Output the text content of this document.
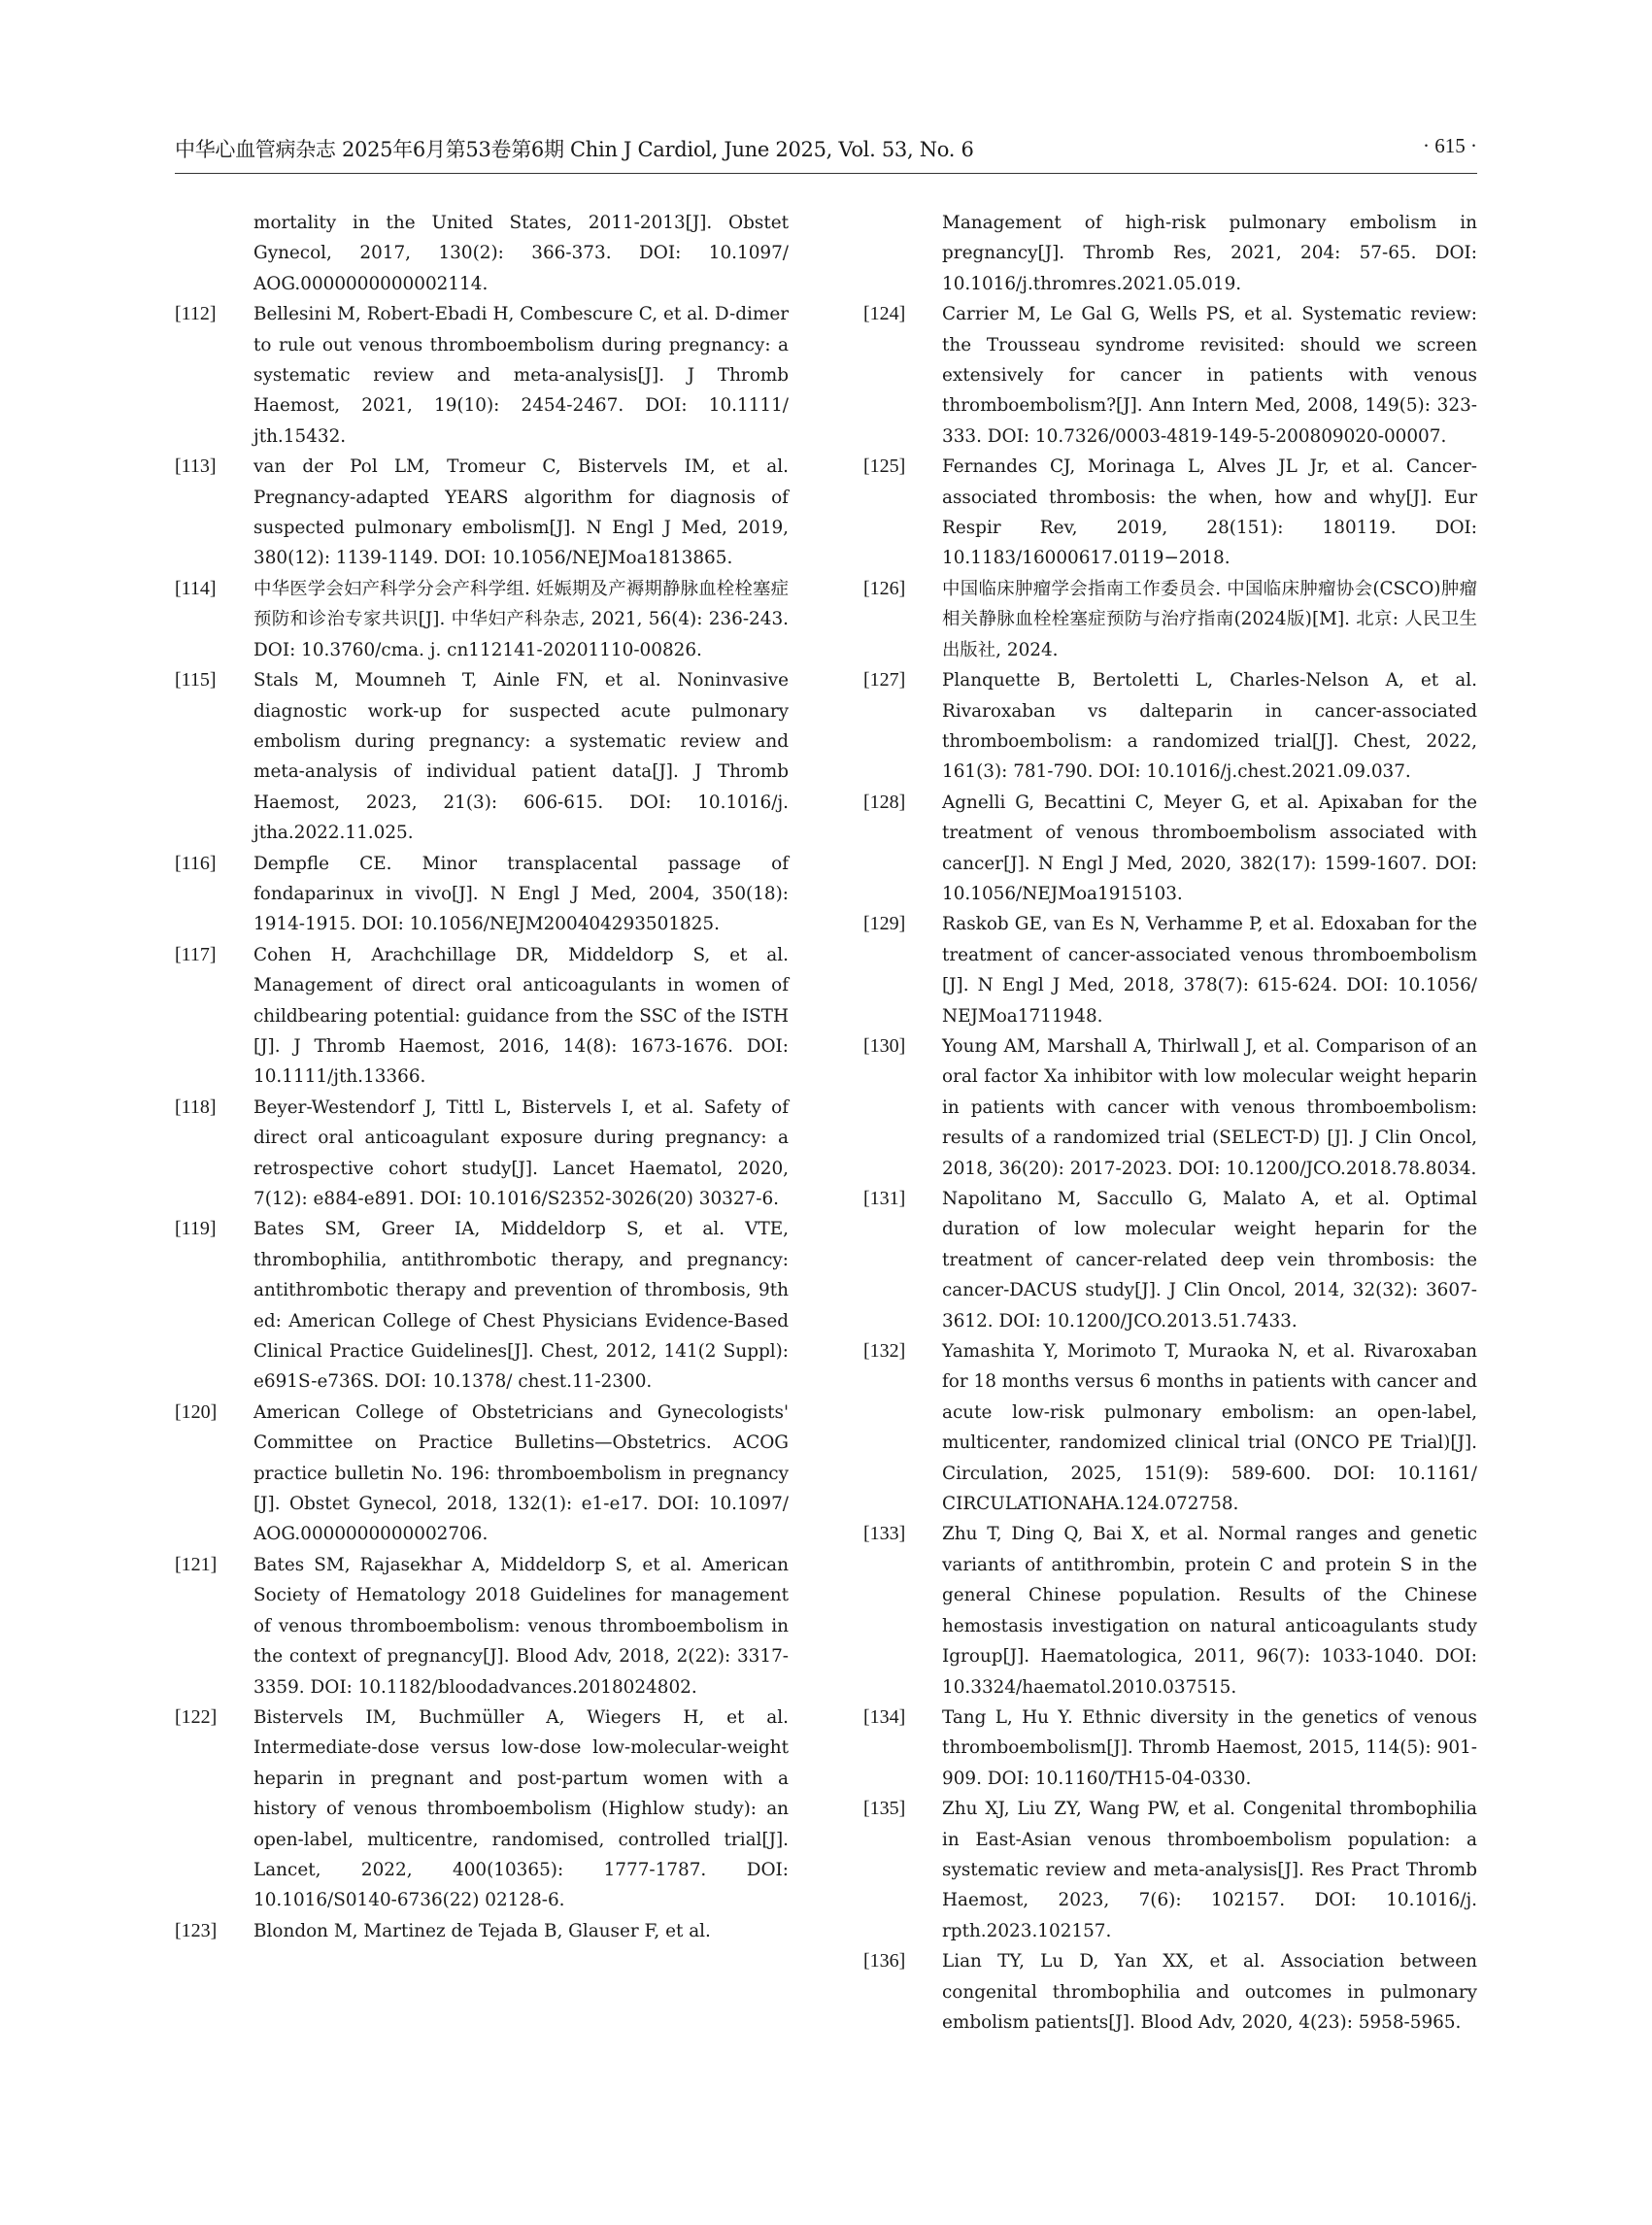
中华心血管病杂志 2025年6月第53卷第6期 Chin J Cardiol, June 2025, Vol. 53, No. 6	· 615 ·
mortality in the United States, 2011-2013[J]. Obstet Gynecol, 2017, 130(2): 366-373. DOI: 10.1097/ AOG.0000000000002114.
[112] Bellesini M, Robert-Ebadi H, Combescure C, et al. D-dimer to rule out venous thromboembolism during pregnancy: a systematic review and meta-analysis[J]. J Thromb Haemost, 2021, 19(10): 2454-2467. DOI: 10.1111/ jth.15432.
[113] van der Pol LM, Tromeur C, Bistervels IM, et al. Pregnancy-adapted YEARS algorithm for diagnosis of suspected pulmonary embolism[J]. N Engl J Med, 2019, 380(12): 1139-1149. DOI: 10.1056/NEJMoa1813865.
[114] 中华医学会妇产科学分会产科学组. 妊娠期及产褥期静脉血栓栓塞症预防和诊治专家共识[J]. 中华妇产科杂志, 2021, 56(4): 236-243. DOI: 10.3760/cma. j. cn112141-20201110-00826.
[115] Stals M, Moumneh T, Ainle FN, et al. Noninvasive diagnostic work-up for suspected acute pulmonary embolism during pregnancy: a systematic review and meta-analysis of individual patient data[J]. J Thromb Haemost, 2023, 21(3): 606-615. DOI: 10.1016/j. jtha.2022.11.025.
[116] Dempfle CE. Minor transplacental passage of fondaparinux in vivo[J]. N Engl J Med, 2004, 350(18): 1914-1915. DOI: 10.1056/NEJM200404293501825.
[117] Cohen H, Arachchillage DR, Middeldorp S, et al. Management of direct oral anticoagulants in women of childbearing potential: guidance from the SSC of the ISTH [J]. J Thromb Haemost, 2016, 14(8): 1673-1676. DOI: 10.1111/jth.13366.
[118] Beyer-Westendorf J, Tittl L, Bistervels I, et al. Safety of direct oral anticoagulant exposure during pregnancy: a retrospective cohort study[J]. Lancet Haematol, 2020, 7(12): e884-e891. DOI: 10.1016/S2352-3026(20) 30327-6.
[119] Bates SM, Greer IA, Middeldorp S, et al. VTE, thrombophilia, antithrombotic therapy, and pregnancy: antithrombotic therapy and prevention of thrombosis, 9th ed: American College of Chest Physicians Evidence-Based Clinical Practice Guidelines[J]. Chest, 2012, 141(2 Suppl): e691S-e736S. DOI: 10.1378/ chest.11-2300.
[120] American College of Obstetricians and Gynecologists' Committee on Practice Bulletins—Obstetrics. ACOG practice bulletin No. 196: thromboembolism in pregnancy [J]. Obstet Gynecol, 2018, 132(1): e1-e17. DOI: 10.1097/ AOG.0000000000002706.
[121] Bates SM, Rajasekhar A, Middeldorp S, et al. American Society of Hematology 2018 Guidelines for management of venous thromboembolism: venous thromboembolism in the context of pregnancy[J]. Blood Adv, 2018, 2(22): 3317-3359. DOI: 10.1182/bloodadvances.2018024802.
[122] Bistervels IM, Buchmüller A, Wiegers H, et al. Intermediate-dose versus low-dose low-molecular-weight heparin in pregnant and post-partum women with a history of venous thromboembolism (Highlow study): an open-label, multicentre, randomised, controlled trial[J]. Lancet, 2022, 400(10365): 1777-1787. DOI: 10.1016/S0140-6736(22) 02128-6.
[123] Blondon M, Martinez de Tejada B, Glauser F, et al.
Management of high-risk pulmonary embolism in pregnancy[J]. Thromb Res, 2021, 204: 57-65. DOI: 10.1016/j.thromres.2021.05.019.
[124] Carrier M, Le Gal G, Wells PS, et al. Systematic review: the Trousseau syndrome revisited: should we screen extensively for cancer in patients with venous thromboembolism?[J]. Ann Intern Med, 2008, 149(5): 323-333. DOI: 10.7326/0003-4819-149-5-200809020-00007.
[125] Fernandes CJ, Morinaga L, Alves JL Jr, et al. Cancer-associated thrombosis: the when, how and why[J]. Eur Respir Rev, 2019, 28(151): 180119. DOI: 10.1183/16000617.0119−2018.
[126] 中国临床肿瘤学会指南工作委员会. 中国临床肿瘤协会(CSCO)肿瘤相关静脉血栓栓塞症预防与治疗指南(2024版)[M]. 北京: 人民卫生出版社, 2024.
[127] Planquette B, Bertoletti L, Charles-Nelson A, et al. Rivaroxaban vs dalteparin in cancer-associated thromboembolism: a randomized trial[J]. Chest, 2022, 161(3): 781-790. DOI: 10.1016/j.chest.2021.09.037.
[128] Agnelli G, Becattini C, Meyer G, et al. Apixaban for the treatment of venous thromboembolism associated with cancer[J]. N Engl J Med, 2020, 382(17): 1599-1607. DOI: 10.1056/NEJMoa1915103.
[129] Raskob GE, van Es N, Verhamme P, et al. Edoxaban for the treatment of cancer-associated venous thromboembolism [J]. N Engl J Med, 2018, 378(7): 615-624. DOI: 10.1056/ NEJMoa1711948.
[130] Young AM, Marshall A, Thirlwall J, et al. Comparison of an oral factor Xa inhibitor with low molecular weight heparin in patients with cancer with venous thromboembolism: results of a randomized trial (SELECT-D) [J]. J Clin Oncol, 2018, 36(20): 2017-2023. DOI: 10.1200/JCO.2018.78.8034.
[131] Napolitano M, Saccullo G, Malato A, et al. Optimal duration of low molecular weight heparin for the treatment of cancer-related deep vein thrombosis: the cancer-DACUS study[J]. J Clin Oncol, 2014, 32(32): 3607-3612. DOI: 10.1200/JCO.2013.51.7433.
[132] Yamashita Y, Morimoto T, Muraoka N, et al. Rivaroxaban for 18 months versus 6 months in patients with cancer and acute low-risk pulmonary embolism: an open-label, multicenter, randomized clinical trial (ONCO PE Trial)[J]. Circulation, 2025, 151(9): 589-600. DOI: 10.1161/ CIRCULATIONAHA.124.072758.
[133] Zhu T, Ding Q, Bai X, et al. Normal ranges and genetic variants of antithrombin, protein C and protein S in the general Chinese population. Results of the Chinese hemostasis investigation on natural anticoagulants study Igroup[J]. Haematologica, 2011, 96(7): 1033-1040. DOI: 10.3324/haematol.2010.037515.
[134] Tang L, Hu Y. Ethnic diversity in the genetics of venous thromboembolism[J]. Thromb Haemost, 2015, 114(5): 901-909. DOI: 10.1160/TH15-04-0330.
[135] Zhu XJ, Liu ZY, Wang PW, et al. Congenital thrombophilia in East-Asian venous thromboembolism population: a systematic review and meta-analysis[J]. Res Pract Thromb Haemost, 2023, 7(6): 102157. DOI: 10.1016/j. rpth.2023.102157.
[136] Lian TY, Lu D, Yan XX, et al. Association between congenital thrombophilia and outcomes in pulmonary embolism patients[J]. Blood Adv, 2020, 4(23): 5958-5965.
